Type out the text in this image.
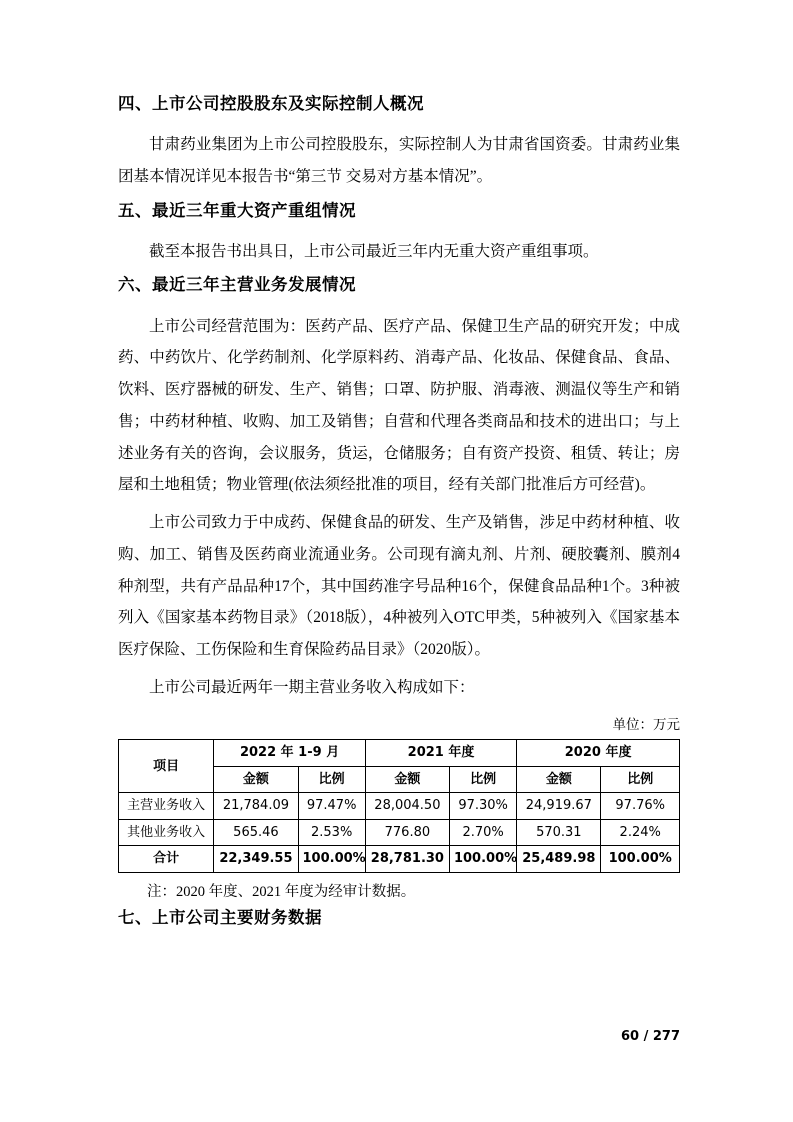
四、上市公司控股股东及实际控制人概况

甘肃药业集团为上市公司控股股东，实际控制人为甘肃省国资委。甘肃药业集团基本情况详见本报告书“第三节 交易对方基本情况”。

五、最近三年重大资产重组情况

截至本报告书出具日，上市公司最近三年内无重大资产重组事项。

六、最近三年主营业务发展情况

上市公司经营范围为：医药产品、医疗产品、保健卫生产品的研究开发；中成药、中药饮片、化学药制剂、化学原料药、消毒产品、化妆品、保健食品、食品、饮料、医疗器械的研发、生产、销售；口罩、防护服、消毒液、测温仪等生产和销售；中药材种植、收购、加工及销售；自营和代理各类商品和技术的进出口；与上述业务有关的咨询，会议服务，货运，仓储服务；自有资产投资、租赁、转让；房屋和土地租赁；物业管理(依法须经批准的项目，经有关部门批准后方可经营)。

上市公司致力于中成药、保健食品的研发、生产及销售，涉足中药材种植、收购、加工、销售及医药商业流通业务。公司现有滴丸剂、片剂、硬胶囊剂、膜剂4种剂型，共有产品品种17个，其中国药准字号品种16个，保健食品品种1个。3种被列入《国家基本药物目录》（2018版），4种被列入OTC甲类，5种被列入《国家基本医疗保险、工伤保险和生育保险药品目录》（2020版）。

上市公司最近两年一期主营业务收入构成如下：

单位：万元
项目	2022 年 1-9 月		2021 年度		2020 年度	
	金额	比例	金额	比例	金额	比例
主营业务收入	21,784.09	97.47%	28,004.50	97.30%	24,919.67	97.76%
其他业务收入	565.46	2.53%	776.80	2.70%	570.31	2.24%
合计	22,349.55	100.00%	28,781.30	100.00%	25,489.98	100.00%

注：2020 年度、2021 年度为经审计数据。

七、上市公司主要财务数据
60 / 277
